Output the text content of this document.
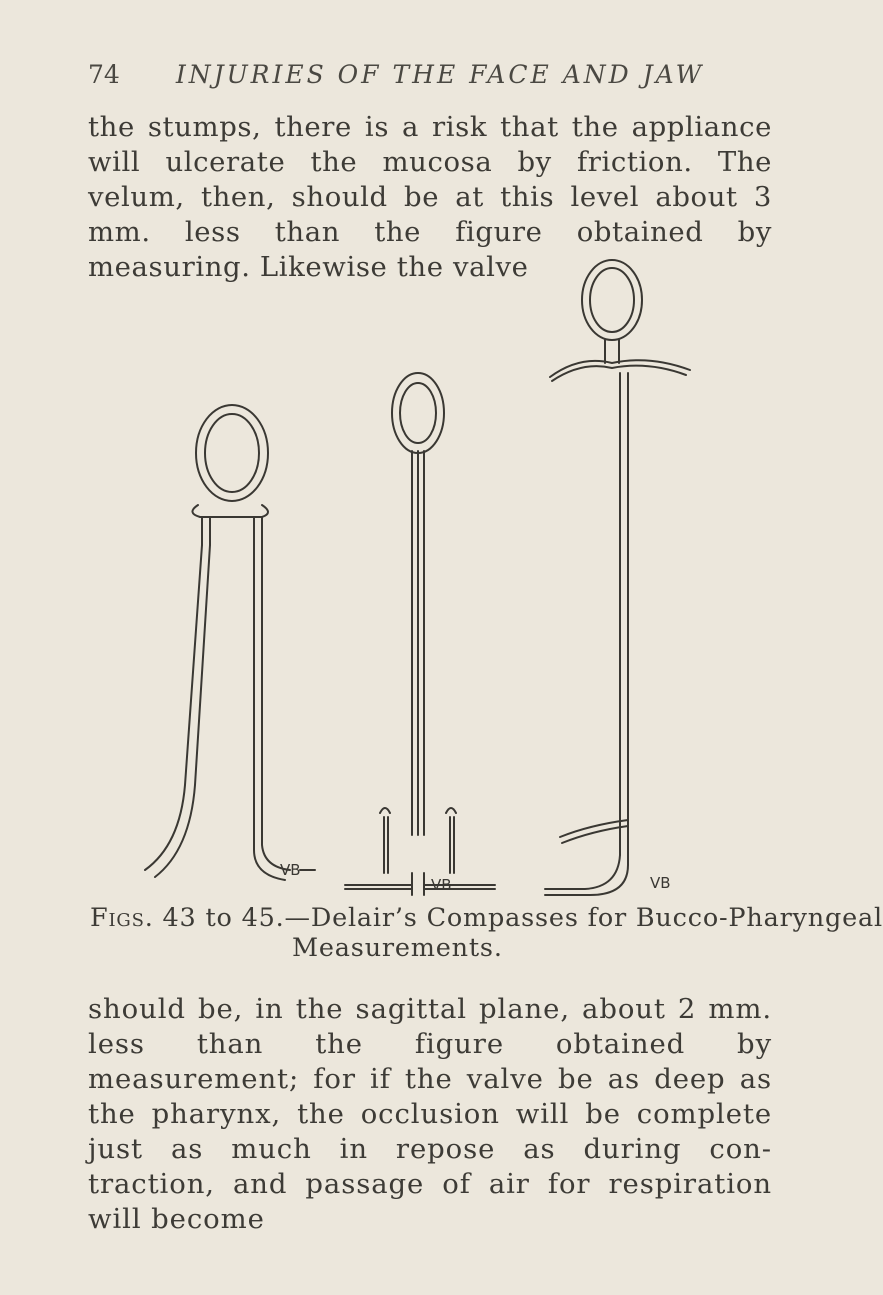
74 INJURIES OF THE FACE AND JAW
the stumps, there is a risk that the appliance will ulcerate the mucosa by friction. The velum, then, should be at this level about 3 mm. less than the figure obtained by measuring. Likewise the valve
VB
VB	VB
Figs. 43 to 45.—Delair’s Compasses for Bucco-Pharyngeal
Measurements.
should be, in the sagittal plane, about 2 mm. less than the figure obtained by measurement; for if the valve be as deep as the pharynx, the occlusion will be complete just as much in repose as during con- traction, and passage of air for respiration will become
